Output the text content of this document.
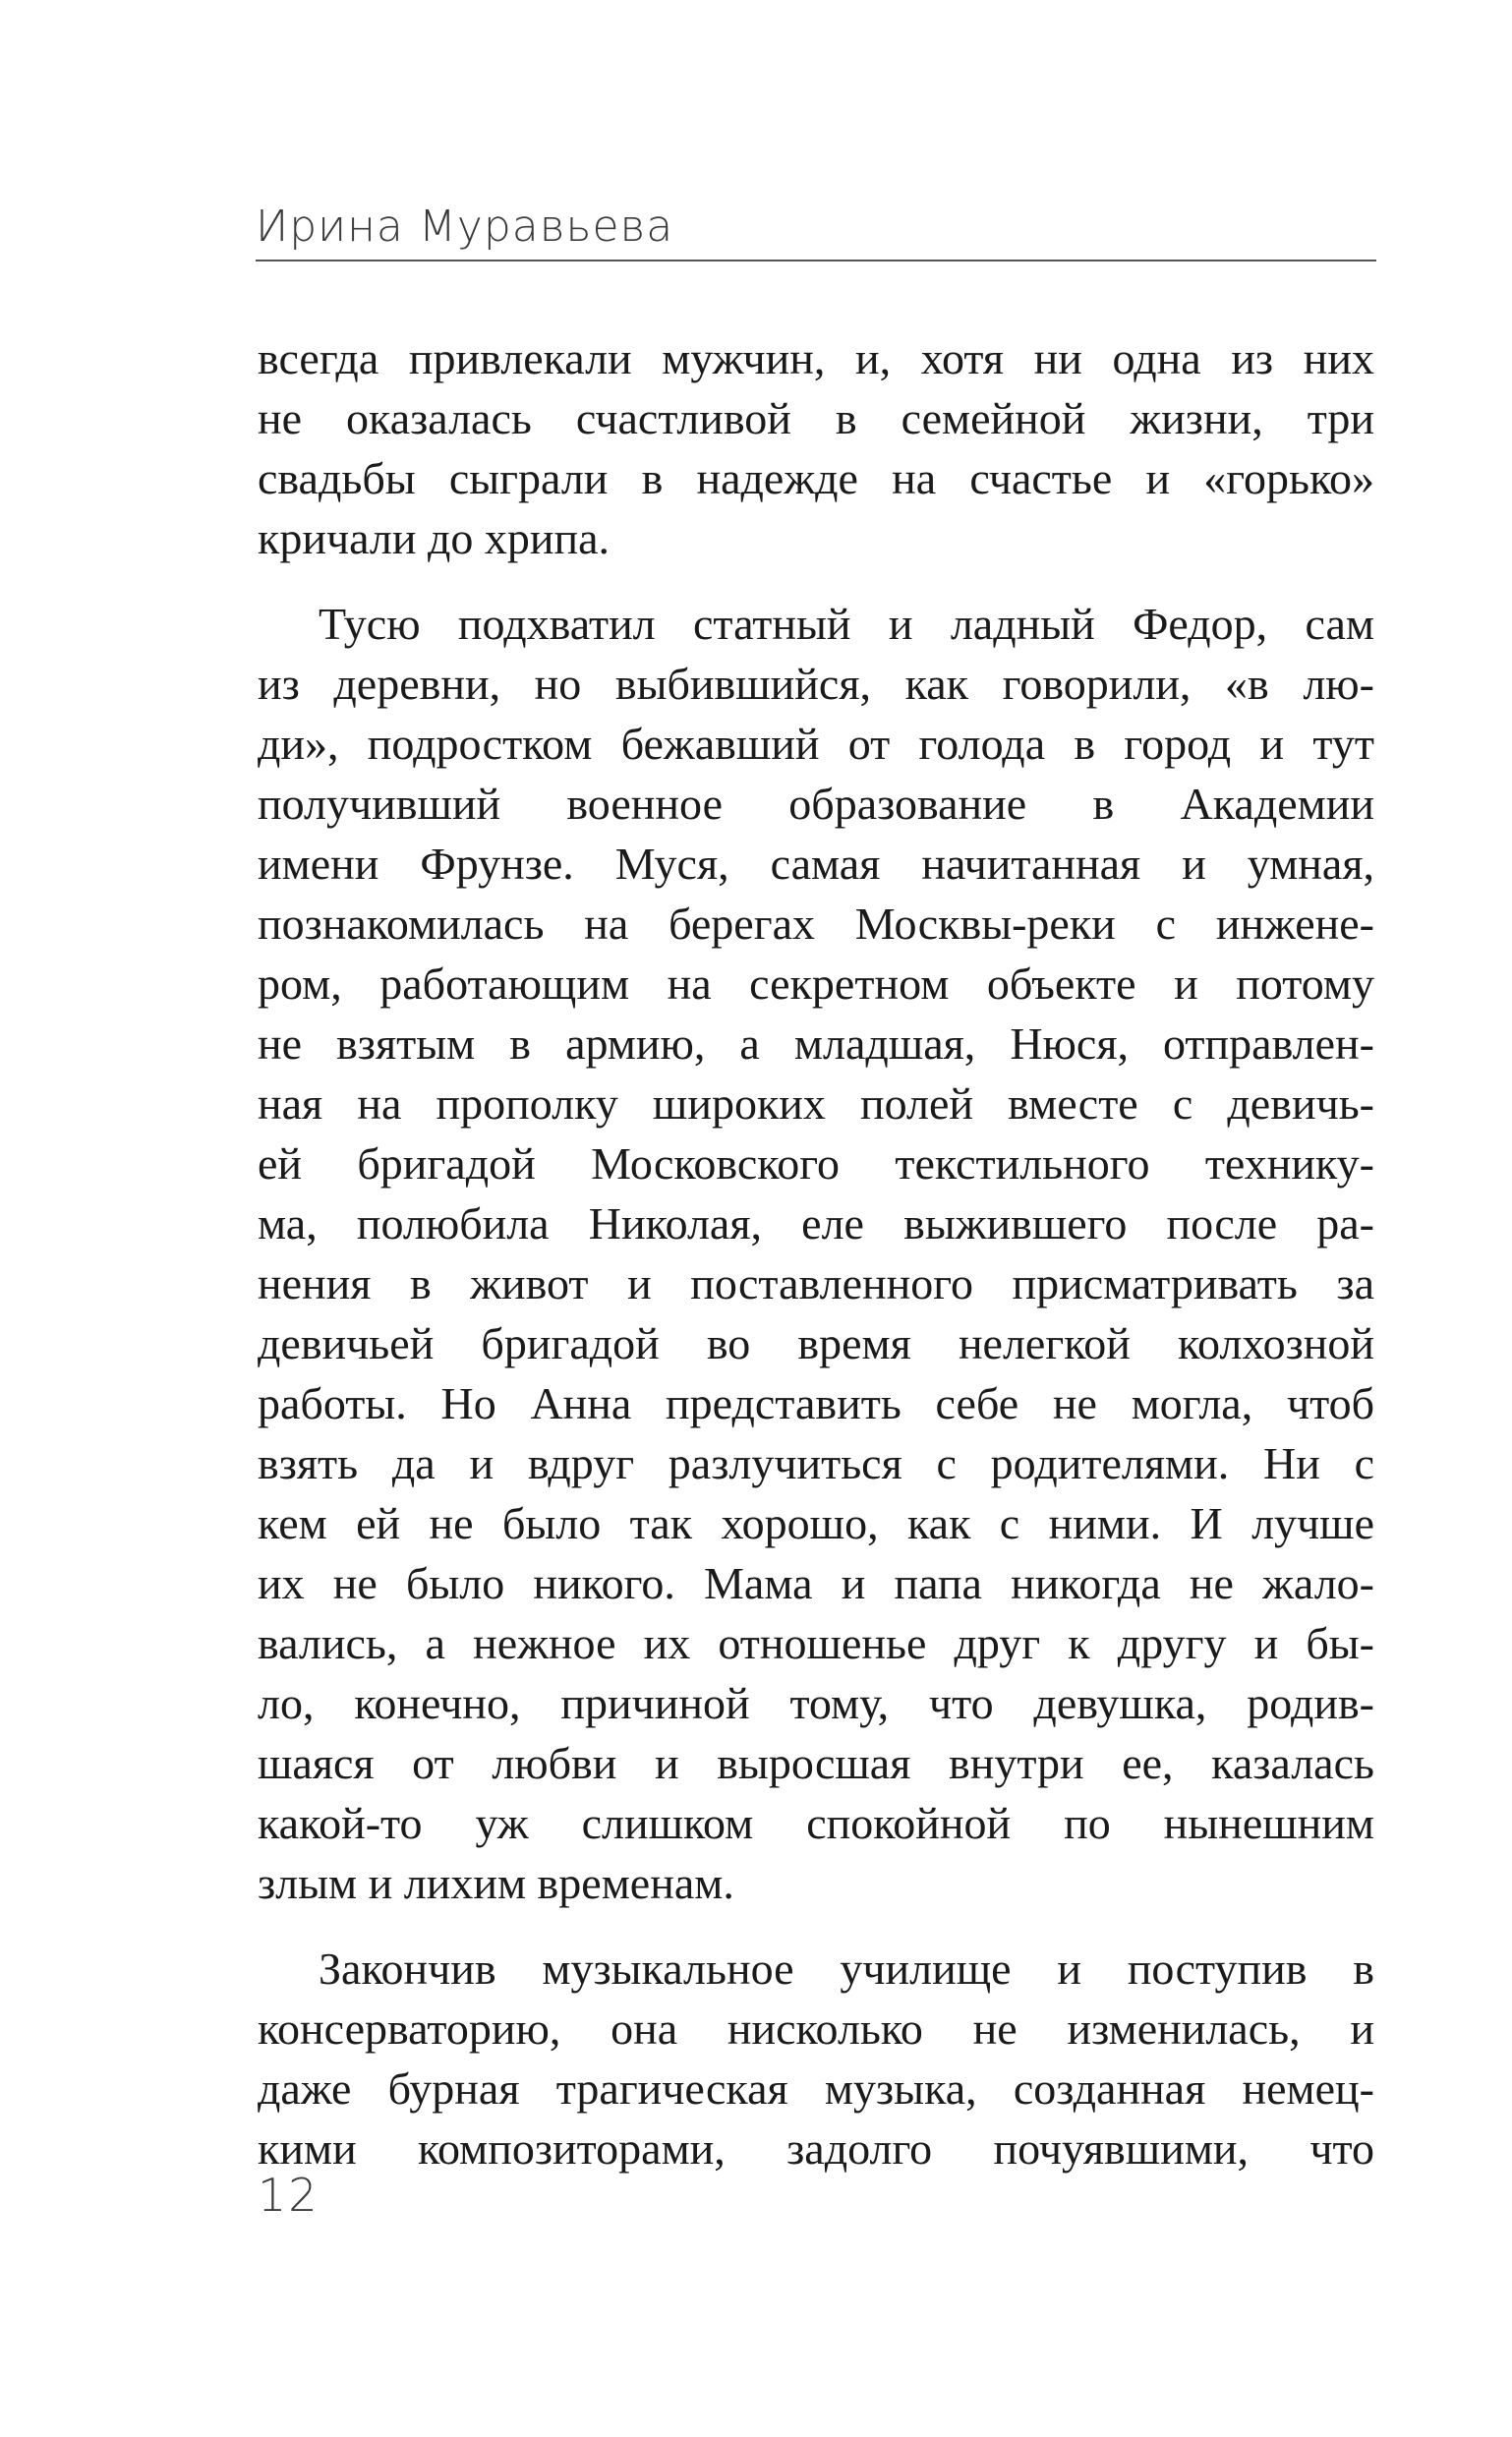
Ирина Муравьева

всегда привлекали мужчин, и, хотя ни одна из них
не оказалась счастливой в семейной жизни, три
свадьбы сыграли в надежде на счастье и «горько»
кричали до хрипа.

Тусю подхватил статный и ладный Федор, сам
из деревни, но выбившийся, как говорили, «в лю-
ди», подростком бежавший от голода в город и тут
получивший военное образование в Академии
имени Фрунзе. Муся, самая начитанная и умная,
познакомилась на берегах Москвы-реки с инжене-
ром, работающим на секретном объекте и потому
не взятым в армию, а младшая, Нюся, отправлен-
ная на прополку широких полей вместе с девичь-
ей бригадой Московского текстильного технику-
ма, полюбила Николая, еле выжившего после ра-
нения в живот и поставленного присматривать за
девичьей бригадой во время нелегкой колхозной
работы. Но Анна представить себе не могла, чтоб
взять да и вдруг разлучиться с родителями. Ни с
кем ей не было так хорошо, как с ними. И лучше
их не было никого. Мама и папа никогда не жало-
вались, а нежное их отношенье друг к другу и бы-
ло, конечно, причиной тому, что девушка, родив-
шаяся от любви и выросшая внутри ее, казалась
какой-то уж слишком спокойной по нынешним
злым и лихим временам.

Закончив музыкальное училище и поступив в
консерваторию, она нисколько не изменилась, и
даже бурная трагическая музыка, созданная немец-
кими композиторами, задолго почуявшими, что

12
